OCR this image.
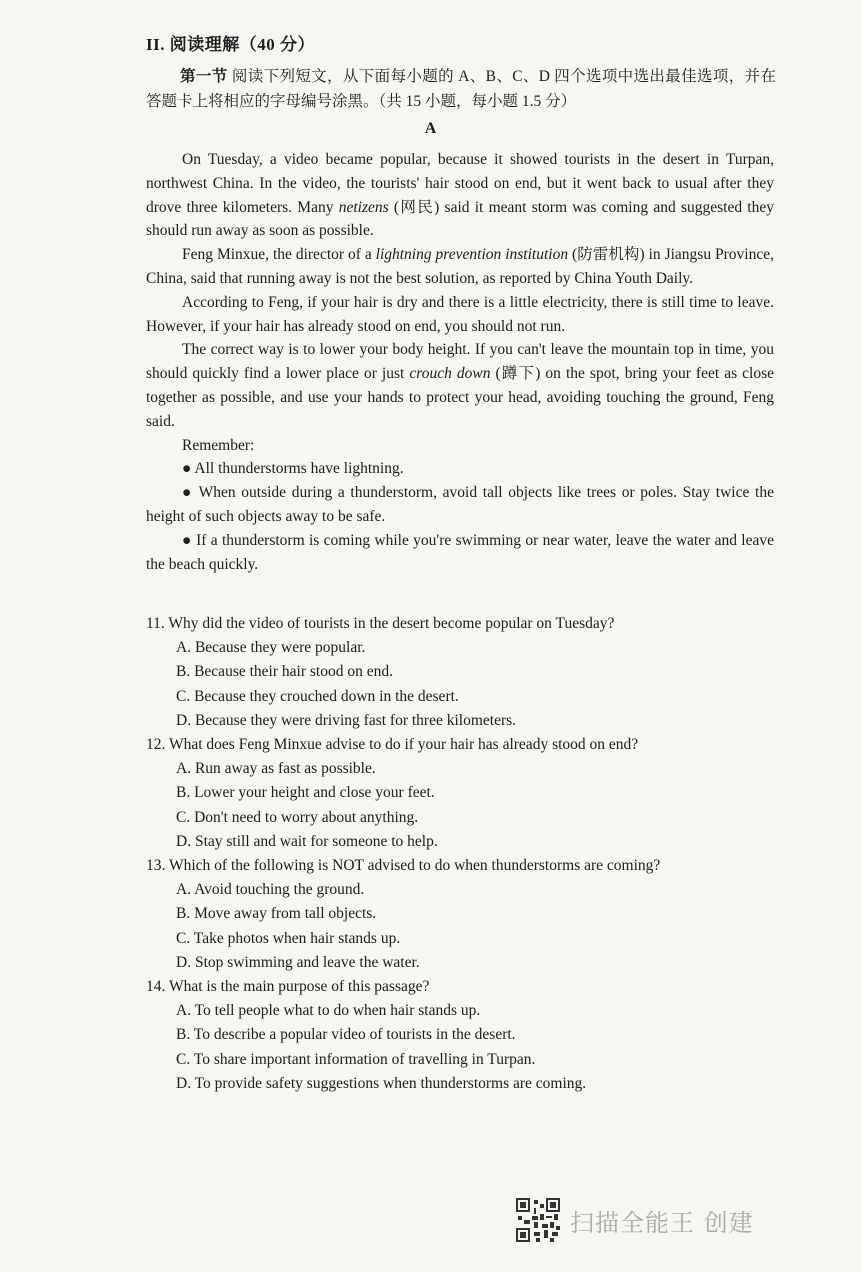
II. 阅读理解（40 分）
第一节 阅读下列短文，从下面每小题的 A、B、C、D 四个选项中选出最佳选项，并在答题卡上将相应的字母编号涂黑。（共 15 小题，每小题 1.5 分）
A

On Tuesday, a video became popular, because it showed tourists in the desert in Turpan, northwest China. In the video, the tourists' hair stood on end, but it went back to usual after they drove three kilometers. Many netizens (网民) said it meant storm was coming and suggested they should run away as soon as possible.

Feng Minxue, the director of a lightning prevention institution (防雷机构) in Jiangsu Province, China, said that running away is not the best solution, as reported by China Youth Daily.

According to Feng, if your hair is dry and there is a little electricity, there is still time to leave. However, if your hair has already stood on end, you should not run.

The correct way is to lower your body height. If you can't leave the mountain top in time, you should quickly find a lower place or just crouch down (蹲下) on the spot, bring your feet as close together as possible, and use your hands to protect your head, avoiding touching the ground, Feng said.

Remember:

● All thunderstorms have lightning.

● When outside during a thunderstorm, avoid tall objects like trees or poles. Stay twice the height of such objects away to be safe.

● If a thunderstorm is coming while you're swimming or near water, leave the water and leave the beach quickly.

11. Why did the video of tourists in the desert become popular on Tuesday?
A. Because they were popular.
B. Because their hair stood on end.
C. Because they crouched down in the desert.
D. Because they were driving fast for three kilometers.
12. What does Feng Minxue advise to do if your hair has already stood on end?
A. Run away as fast as possible.
B. Lower your height and close your feet.
C. Don't need to worry about anything.
D. Stay still and wait for someone to help.
13. Which of the following is NOT advised to do when thunderstorms are coming?
A. Avoid touching the ground.
B. Move away from tall objects.
C. Take photos when hair stands up.
D. Stop swimming and leave the water.
14. What is the main purpose of this passage?
A. To tell people what to do when hair stands up.
B. To describe a popular video of tourists in the desert.
C. To share important information of travelling in Turpan.
D. To provide safety suggestions when thunderstorms are coming.
扫描全能王 创建
